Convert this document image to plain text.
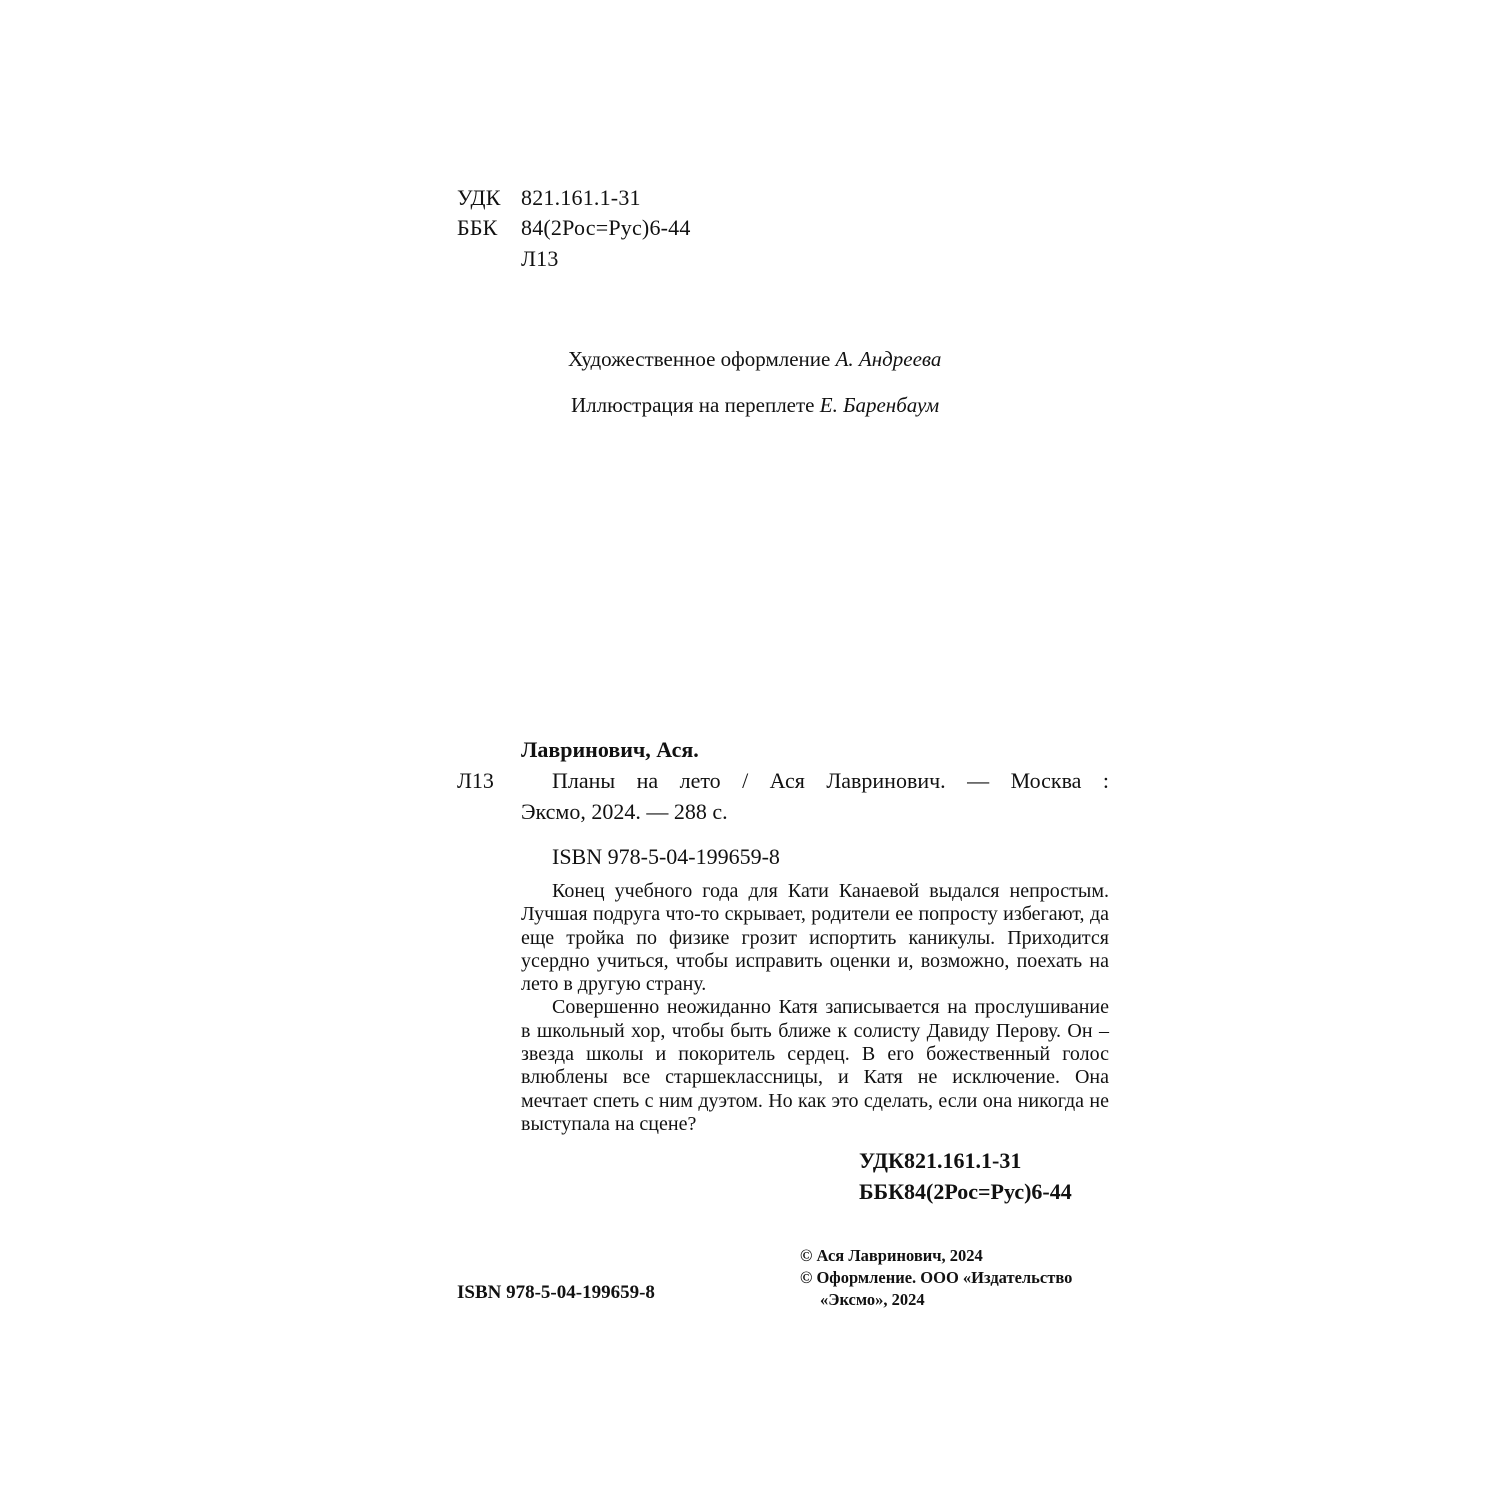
УДК 821.161.1-31
ББК 84(2Рос=Рус)6-44
Л13
Художественное оформление А. Андреева
Иллюстрация на переплете Е. Баренбаум
Лавринович, Ася.
Л13	Планы на лето / Ася Лавринович. — Москва :
Эксмо, 2024. — 288 с.
ISBN 978-5-04-199659-8

Конец учебного года для Кати Канаевой выдался непростым. Лучшая подруга что-то скрывает, родители ее попросту избегают, да еще тройка по физике грозит испортить каникулы. Приходится усердно учиться, чтобы исправить оценки и, возможно, поехать на лето в другую страну.

Совершенно неожиданно Катя записывается на прослушивание в школьный хор, чтобы быть ближе к солисту Давиду Перову. Он – звезда школы и покоритель сердец. В его божественный голос влюблены все старшеклассницы, и Катя не исключение. Она мечтает спеть с ним дуэтом. Но как это сделать, если она никогда не выступала на сцене?

УДК821.161.1-31
ББК84(2Рос=Рус)6-44
© Ася Лавринович, 2024
© Оформление. ООО «Издательство
«Эксмо», 2024
ISBN 978-5-04-199659-8
